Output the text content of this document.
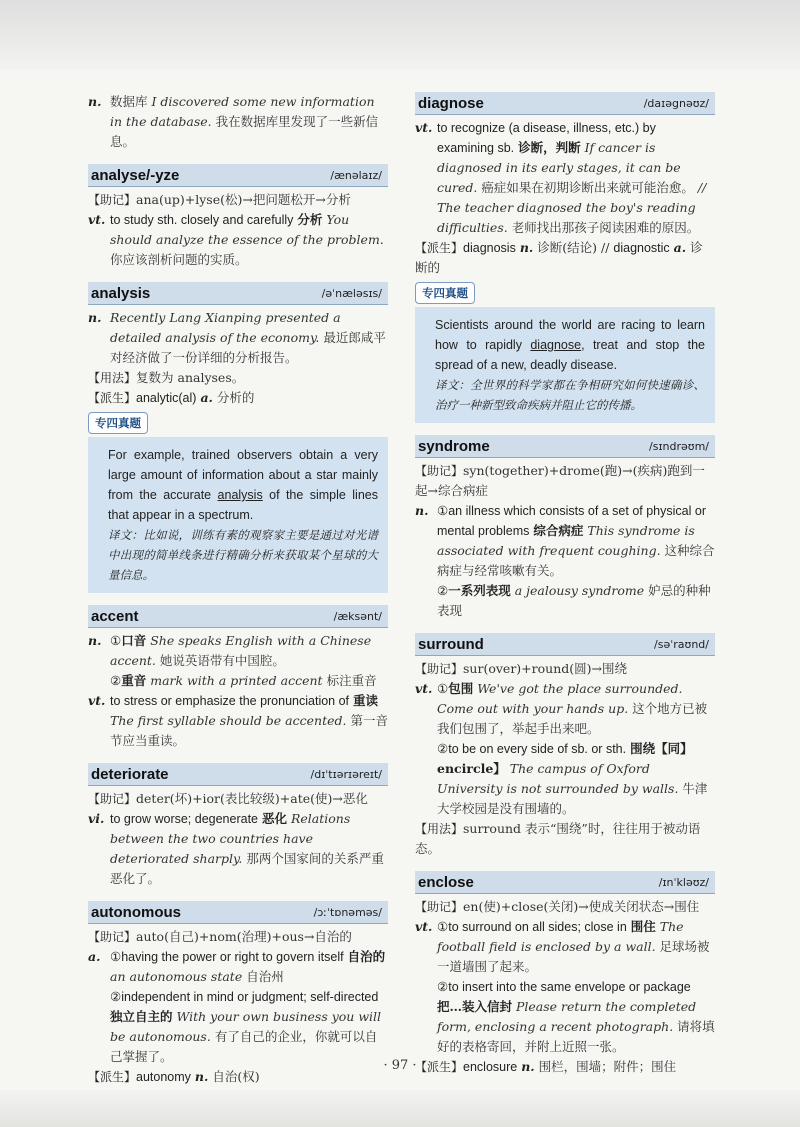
n. 数据库 I discovered some new information in the database. 我在数据库里发现了一些新信息。

analyse/-yze	/ænəlaɪz/

【助记】ana(up)+lyse(松)→把问题松开→分析

vt. to study sth. closely and carefully 分析 You should analyze the essence of the problem. 你应该剖析问题的实质。

analysis	/əˈnæləsɪs/

n. Recently Lang Xianping presented a detailed analysis of the economy. 最近郎咸平对经济做了一份详细的分析报告。

【用法】复数为 analyses。

【派生】analytic(al) a. 分析的

专四真题

For example, trained observers obtain a very large amount of information about a star mainly from the accurate analysis of the simple lines that appear in a spectrum.

译文：比如说，训练有素的观察家主要是通过对光谱中出现的简单线条进行精确分析来获取某个星球的大量信息。

accent	/æksənt/

n. ①口音 She speaks English with a Chinese accent. 她说英语带有中国腔。

②重音 mark with a printed accent 标注重音

vt. to stress or emphasize the pronunciation of 重读 The first syllable should be accented. 第一音节应当重读。

deteriorate	/dɪˈtɪərɪəreɪt/

【助记】deter(坏)+ior(表比较级)+ate(使)→恶化

vi. to grow worse; degenerate 恶化 Relations between the two countries have deteriorated sharply. 那两个国家间的关系严重恶化了。

autonomous	/ɔːˈtɒnəməs/

【助记】auto(自己)+nom(治理)+ous→自治的

a. ①having the power or right to govern itself 自治的 an autonomous state 自治州

②independent in mind or judgment; self-directed 独立自主的 With your own business you will be autonomous. 有了自己的企业，你就可以自己掌握了。

【派生】autonomy n. 自治(权)

diagnose	/daɪəgnəʊz/

vt. to recognize (a disease, illness, etc.) by examining sb. 诊断，判断 If cancer is diagnosed in its early stages, it can be cured. 癌症如果在初期诊断出来就可能治愈。 // The teacher diagnosed the boy's reading difficulties. 老师找出那孩子阅读困难的原因。

【派生】diagnosis n. 诊断(结论) // diagnostic a. 诊断的

专四真题

Scientists around the world are racing to learn how to rapidly diagnose, treat and stop the spread of a new, deadly disease.

译文：全世界的科学家都在争相研究如何快速确诊、治疗一种新型致命疾病并阻止它的传播。

syndrome	/sɪndrəʊm/

【助记】syn(together)+drome(跑)→(疾病)跑到一起→综合病症

n. ①an illness which consists of a set of physical or mental problems 综合病症 This syndrome is associated with frequent coughing. 这种综合病症与经常咳嗽有关。

②一系列表现 a jealousy syndrome 妒忌的种种表现

surround	/səˈraʊnd/

【助记】sur(over)+round(圆)→围绕

vt. ①包围 We've got the place surrounded. Come out with your hands up. 这个地方已被我们包围了，举起手出来吧。

②to be on every side of sb. or sth. 围绕【同】encircle】 The campus of Oxford University is not surrounded by walls. 牛津大学校园是没有围墙的。

【用法】surround 表示“围绕”时，往往用于被动语态。

enclose	/ɪnˈkləʊz/

【助记】en(使)+close(关闭)→使成关闭状态→围住

vt. ①to surround on all sides; close in 围住 The football field is enclosed by a wall. 足球场被一道墙围了起来。

②to insert into the same envelope or package 把…装入信封 Please return the completed form, enclosing a recent photograph. 请将填好的表格寄回，并附上近照一张。

【派生】enclosure n. 围栏，围墙；附件；围住

· 97 ·
